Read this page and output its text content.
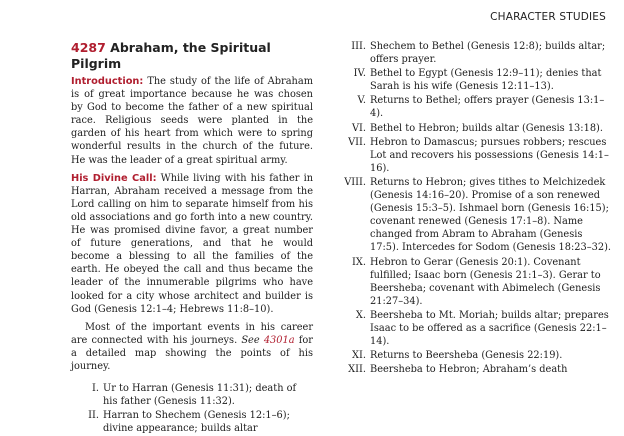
CHARACTER STUDIES
4287 Abraham, the Spiritual Pilgrim

Introduction: The study of the life of Abraham is of great importance because he was chosen by God to become the father of a new spiritual race. Religious seeds were planted in the garden of his heart from which were to spring wonderful results in the church of the future. He was the leader of a great spiritual army.

His Divine Call: While living with his father in Harran, Abraham received a message from the Lord calling on him to separate himself from his old associations and go forth into a new country. He was promised divine favor, a great number of future generations, and that he would become a blessing to all the families of the earth. He obeyed the call and thus became the leader of the innumerable pilgrims who have looked for a city whose architect and builder is God (Genesis 12:1–4; Hebrews 11:8–10).

Most of the important events in his career are connected with his journeys. See 4301a for a detailed map showing the points of his journey.

I. Ur to Harran (Genesis 11:31); death of his father (Genesis 11:32).
II. Harran to Shechem (Genesis 12:1–6); divine appearance; builds altar
III. Shechem to Bethel (Genesis 12:8); builds altar; offers prayer.
IV. Bethel to Egypt (Genesis 12:9–11); denies that Sarah is his wife (Genesis 12:11–13).
V. Returns to Bethel; offers prayer (Genesis 13:1–4).
VI. Bethel to Hebron; builds altar (Genesis 13:18).
VII. Hebron to Damascus; pursues robbers; rescues Lot and recovers his possessions (Genesis 14:1–16).
VIII. Returns to Hebron; gives tithes to Melchizedek (Genesis 14:16–20). Promise of a son renewed (Genesis 15:3–5). Ishmael born (Genesis 16:15); covenant renewed (Genesis 17:1–8). Name changed from Abram to Abraham (Genesis 17:5). Intercedes for Sodom (Genesis 18:23–32).
IX. Hebron to Gerar (Genesis 20:1). Covenant fulfilled; Isaac born (Genesis 21:1–3). Gerar to Beersheba; covenant with Abimelech (Genesis 21:27–34).
X. Beersheba to Mt. Moriah; builds altar; prepares Isaac to be offered as a sacrifice (Genesis 22:1–14).
XI. Returns to Beersheba (Genesis 22:19).
XII. Beersheba to Hebron; Abraham’s death
